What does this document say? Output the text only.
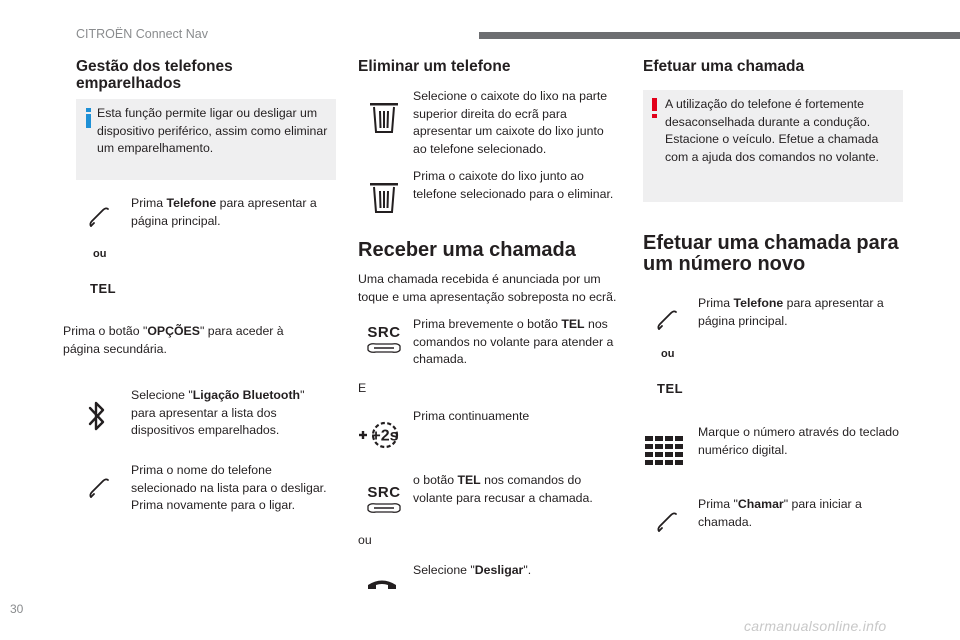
CITROËN Connect Nav
Gestão dos telefones emparelhados
Esta função permite ligar ou desligar um dispositivo periférico, assim como eliminar um emparelhamento.
Prima Telefone para apresentar a página principal.
ou
TEL
Prima o botão "OPÇÕES" para aceder à página secundária.
Selecione "Ligação Bluetooth" para apresentar a lista dos dispositivos emparelhados.
Prima o nome do telefone selecionado na lista para o desligar. Prima novamente para o ligar.
Eliminar um telefone
Selecione o caixote do lixo na parte superior direita do ecrã para apresentar um caixote do lixo junto ao telefone selecionado.
Prima o caixote do lixo junto ao telefone selecionado para o eliminar.
Receber uma chamada
Uma chamada recebida é anunciada por um toque e uma apresentação sobreposta no ecrã.
SRC Prima brevemente o botão TEL nos comandos no volante para atender a chamada.
E
+2s
Prima continuamente
SRC
o botão TEL nos comandos do volante para recusar a chamada.
ou
Selecione "Desligar".
Efetuar uma chamada
A utilização do telefone é fortemente desaconselhada durante a condução. Estacione o veículo. Efetue a chamada com a ajuda dos comandos no volante.
Efetuar uma chamada para um número novo
Prima Telefone para apresentar a página principal.
ou
TEL
Marque o número através do teclado numérico digital.
Prima "Chamar" para iniciar a chamada.
30
carmanualsonline.info
